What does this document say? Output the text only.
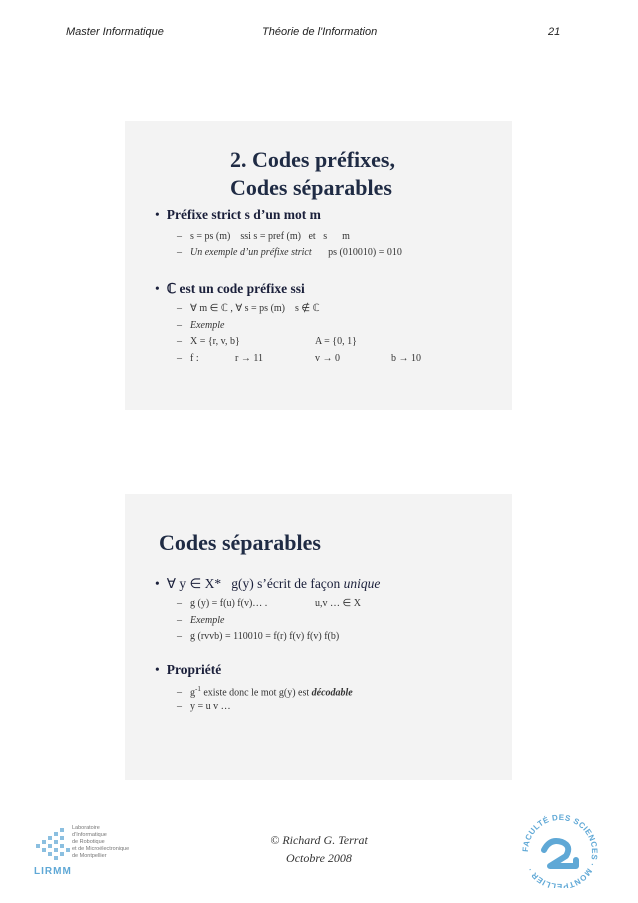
Master Informatique	Théorie de l'Information	21
2. Codes préfixes,
Codes séparables
• Préfixe strict s d’un mot m
– s = ps (m)    ssi s = pref (m)   et   s      m
– Un exemple d’un préfixe strict ps (010010) = 010
• ℂ est un code préfixe ssi
– ∀ m ∈ ℂ , ∀ s = ps (m)    s ∉ ℂ
– Exemple
– X = {r, v, b}	A = {0, 1}
– f :	r → 11	v → 0	b → 10
Codes séparables
• ∀ y ∈ X*   g(y) s’écrit de façon unique
– g (y) = f(u) f(v)… .	u,v … ∈ X
– Exemple
– g (rvvb) = 110010 = f(r) f(v) f(v) f(b)
• Propriété
– $g^{-1}$ existe donc le mot g(y) est décodable
– y = u v …
© Richard G. Terrat
Octobre 2008
Laboratoire
d’Informatique
de Robotique
et de Microélectronique
de Montpellier
LIRMM
FACULTÉ DES SCIENCES · MONTPELLIER ·
